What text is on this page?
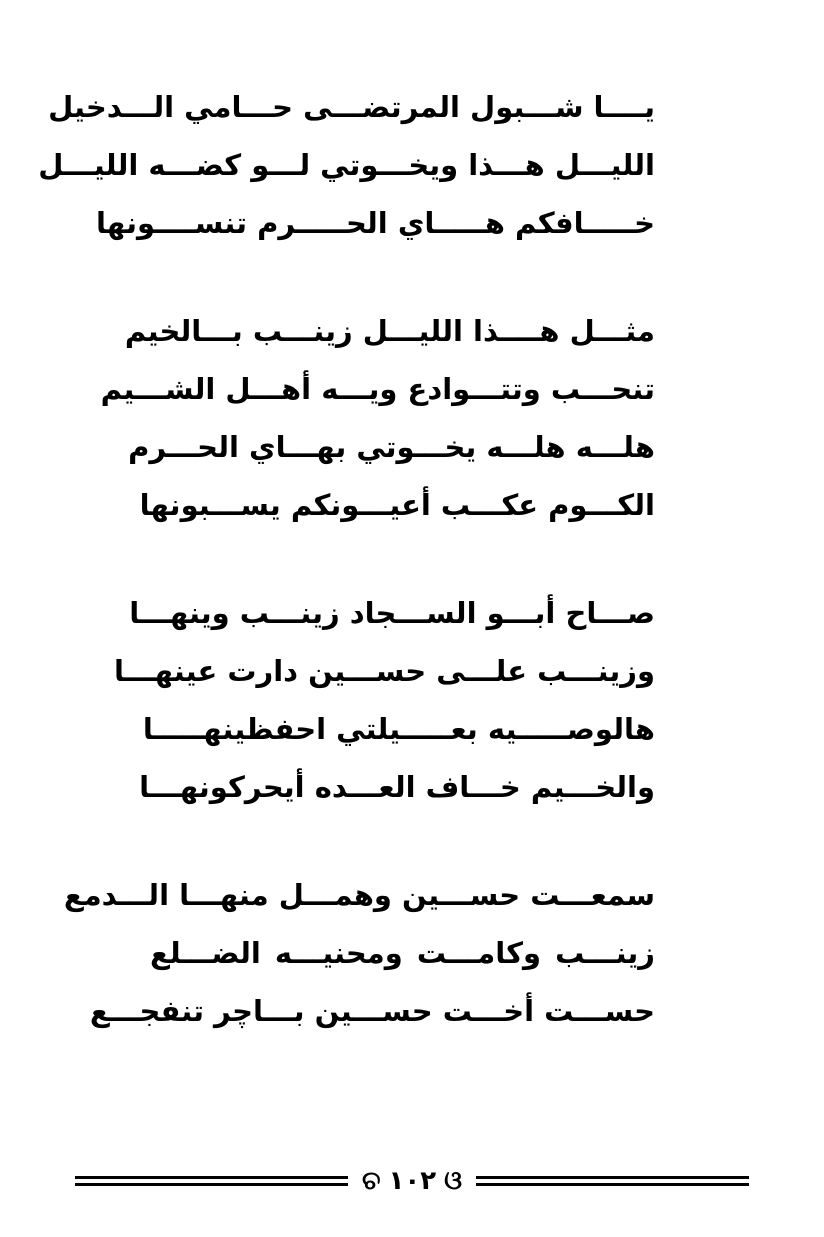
يــــا شـــبول المرتضـــى حـــامي الـــدخيل
الليـــل هـــذا ويخـــوتي لـــو كضـــه الليـــل
خـــــافكم هـــــاي الحـــــرم تنســــونها
مثـــل هــــذا الليـــل زينـــب بـــالخيم
تنحـــب وتتـــوادع ويـــه أهـــل الشـــيم
هلـــه هلـــه يخـــوتي بهـــاي الحـــرم
الكـــوم عكـــب أعيـــونكم يســـبونها
صـــاح أبـــو الســـجاد زينـــب وينهـــا
وزينـــب علـــى حســـين دارت عينهـــا
هالوصـــــيه بعـــــيلتي احفظينهـــــا
والخـــيم خـــاف العـــده أيحركونهـــا
سمعـــت حســـين وهمـــل منهـــا الـــدمع
زينـــب وكامـــت ومحنيـــه الضـــلع
حســـت أخـــت حســـين بـــاچر تنفجـــع
ଚ ١٠٢ ଓ
